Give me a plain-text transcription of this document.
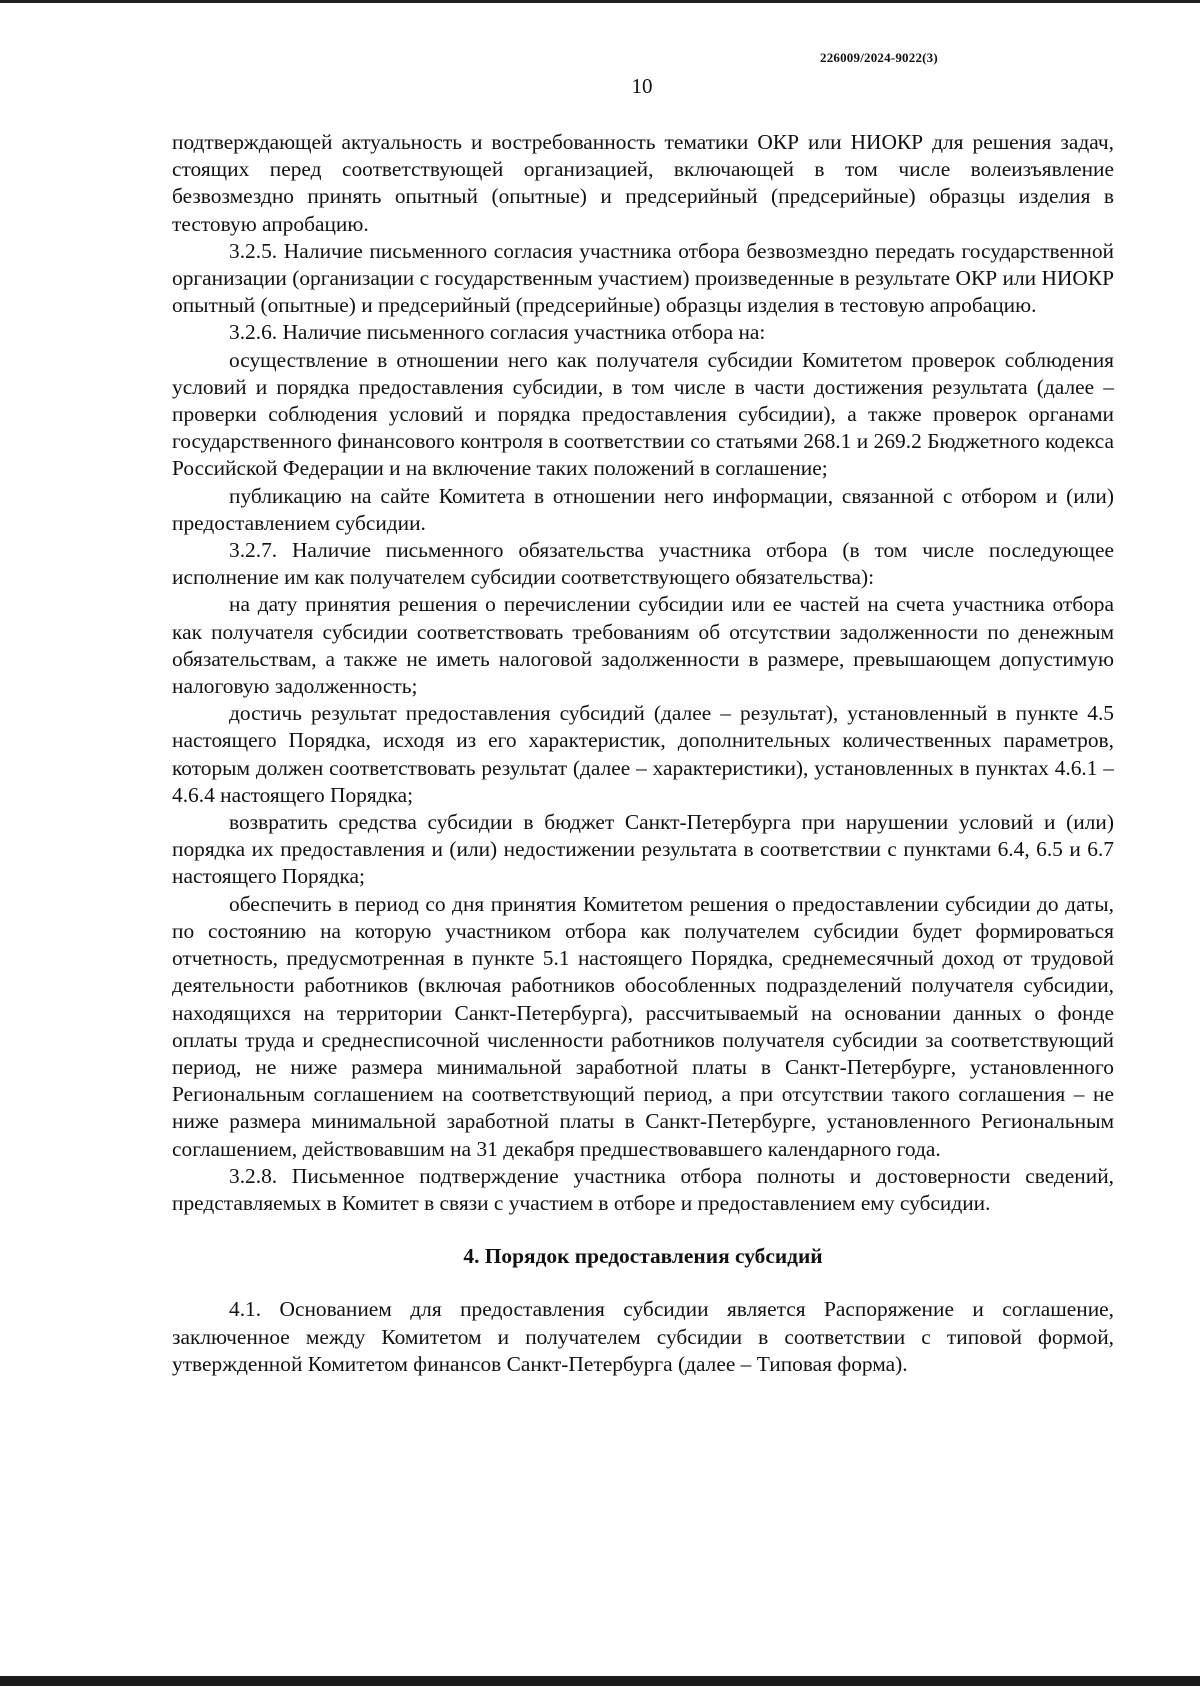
226009/2024-9022(3)
10

подтверждающей актуальность и востребованность тематики ОКР или НИОКР для решения задач, стоящих перед соответствующей организацией, включающей в том числе волеизъявление безвозмездно принять опытный (опытные) и предсерийный (предсерийные) образцы изделия в тестовую апробацию.

3.2.5. Наличие письменного согласия участника отбора безвозмездно передать государственной организации (организации с государственным участием) произведенные в результате ОКР или НИОКР опытный (опытные) и предсерийный (предсерийные) образцы изделия в тестовую апробацию.

3.2.6. Наличие письменного согласия участника отбора на:

осуществление в отношении него как получателя субсидии Комитетом проверок соблюдения условий и порядка предоставления субсидии, в том числе в части достижения результата (далее – проверки соблюдения условий и порядка предоставления субсидии), а также проверок органами государственного финансового контроля в соответствии со статьями 268.1 и 269.2 Бюджетного кодекса Российской Федерации и на включение таких положений в соглашение;

публикацию на сайте Комитета в отношении него информации, связанной с отбором и (или) предоставлением субсидии.

3.2.7. Наличие письменного обязательства участника отбора (в том числе последующее исполнение им как получателем субсидии соответствующего обязательства):

на дату принятия решения о перечислении субсидии или ее частей на счета участника отбора как получателя субсидии соответствовать требованиям об отсутствии задолженности по денежным обязательствам, а также не иметь налоговой задолженности в размере, превышающем допустимую налоговую задолженность;

достичь результат предоставления субсидий (далее – результат), установленный в пункте 4.5 настоящего Порядка, исходя из его характеристик, дополнительных количественных параметров, которым должен соответствовать результат (далее – характеристики), установленных в пунктах 4.6.1 – 4.6.4 настоящего Порядка;

возвратить средства субсидии в бюджет Санкт-Петербурга при нарушении условий и (или) порядка их предоставления и (или) недостижении результата в соответствии с пунктами 6.4, 6.5 и 6.7 настоящего Порядка;

обеспечить в период со дня принятия Комитетом решения о предоставлении субсидии до даты, по состоянию на которую участником отбора как получателем субсидии будет формироваться отчетность, предусмотренная в пункте 5.1 настоящего Порядка, среднемесячный доход от трудовой деятельности работников (включая работников обособленных подразделений получателя субсидии, находящихся на территории Санкт-Петербурга), рассчитываемый на основании данных о фонде оплаты труда и среднесписочной численности работников получателя субсидии за соответствующий период, не ниже размера минимальной заработной платы в Санкт-Петербурге, установленного Региональным соглашением на соответствующий период, а при отсутствии такого соглашения – не ниже размера минимальной заработной платы в Санкт-Петербурге, установленного Региональным соглашением, действовавшим на 31 декабря предшествовавшего календарного года.

3.2.8. Письменное подтверждение участника отбора полноты и достоверности сведений, представляемых в Комитет в связи с участием в отборе и предоставлением ему субсидии.

4. Порядок предоставления субсидий

4.1. Основанием для предоставления субсидии является Распоряжение и соглашение, заключенное между Комитетом и получателем субсидии в соответствии с типовой формой, утвержденной Комитетом финансов Санкт-Петербурга (далее – Типовая форма).
